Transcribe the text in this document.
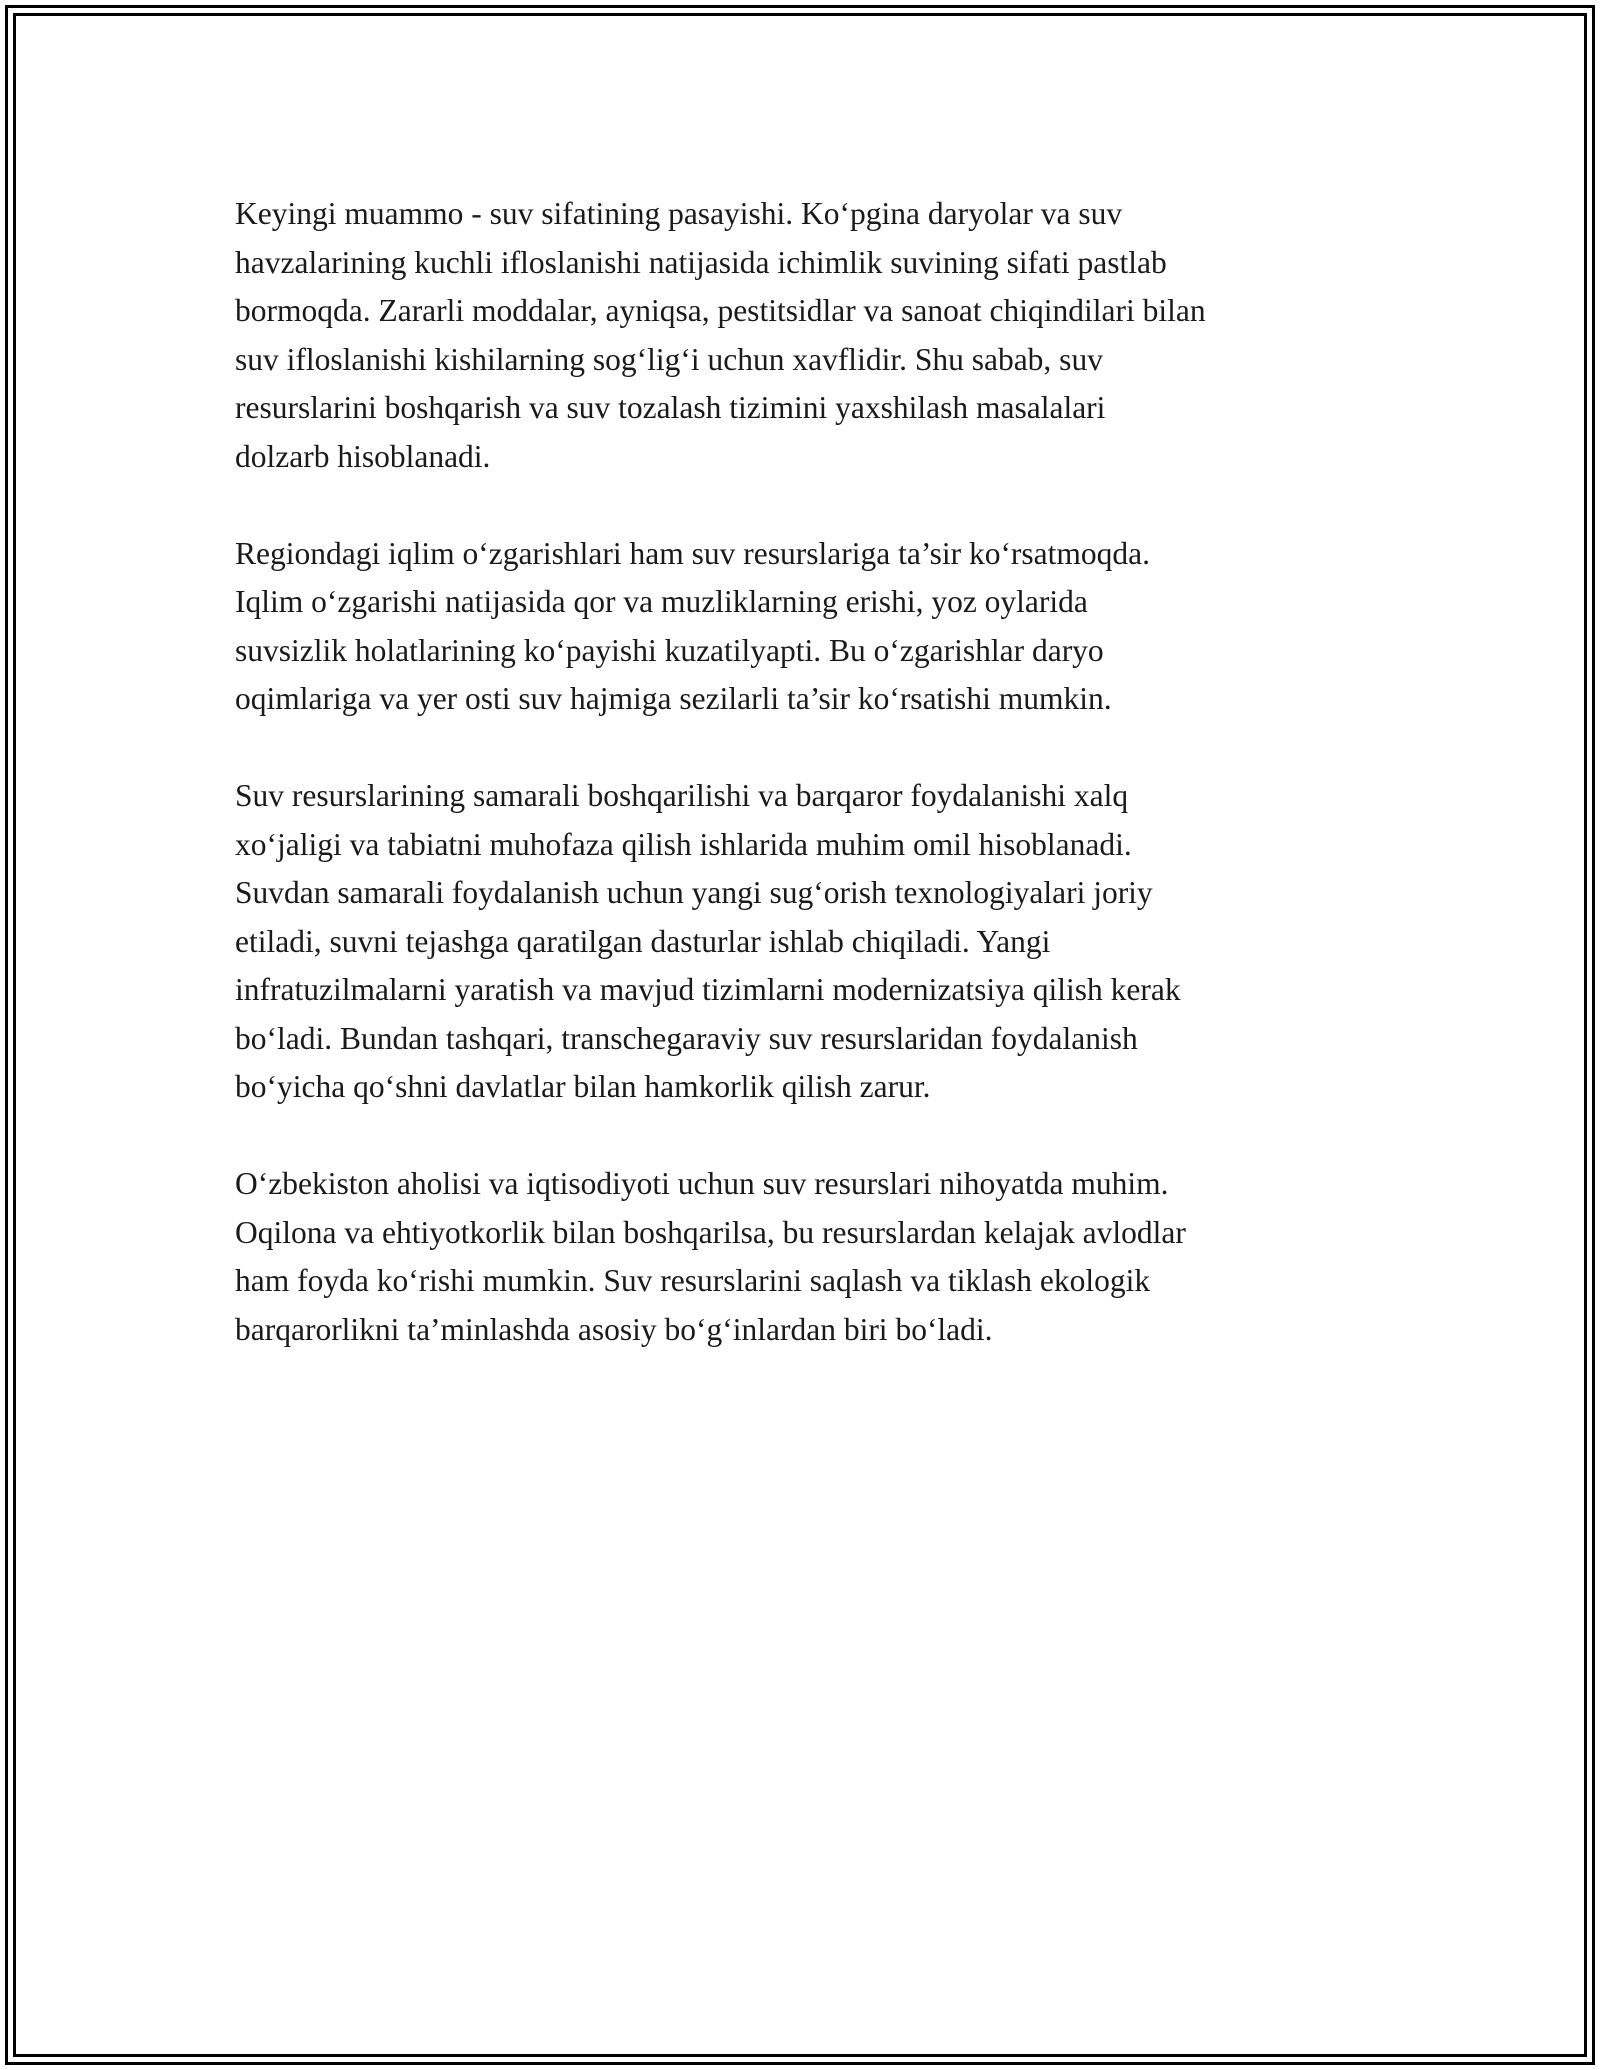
Keyingi muammo - suv sifatining pasayishi. Ko‘pgina daryolar va suv
havzalarining kuchli ifloslanishi natijasida ichimlik suvining sifati pastlab
bormoqda. Zararli moddalar, ayniqsa, pestitsidlar va sanoat chiqindilari bilan
suv ifloslanishi kishilarning sog‘lig‘i uchun xavflidir. Shu sabab, suv
resurslarini boshqarish va suv tozalash tizimini yaxshilash masalalari
dolzarb hisoblanadi.

Regiondagi iqlim o‘zgarishlari ham suv resurslariga ta’sir ko‘rsatmoqda.
Iqlim o‘zgarishi natijasida qor va muzliklarning erishi, yoz oylarida
suvsizlik holatlarining ko‘payishi kuzatilyapti. Bu o‘zgarishlar daryo
oqimlariga va yer osti suv hajmiga sezilarli ta’sir ko‘rsatishi mumkin.

Suv resurslarining samarali boshqarilishi va barqaror foydalanishi xalq
xo‘jaligi va tabiatni muhofaza qilish ishlarida muhim omil hisoblanadi.
Suvdan samarali foydalanish uchun yangi sug‘orish texnologiyalari joriy
etiladi, suvni tejashga qaratilgan dasturlar ishlab chiqiladi. Yangi
infratuzilmalarni yaratish va mavjud tizimlarni modernizatsiya qilish kerak
bo‘ladi. Bundan tashqari, transchegaraviy suv resurslaridan foydalanish
bo‘yicha qo‘shni davlatlar bilan hamkorlik qilish zarur.

O‘zbekiston aholisi va iqtisodiyoti uchun suv resurslari nihoyatda muhim.
Oqilona va ehtiyotkorlik bilan boshqarilsa, bu resurslardan kelajak avlodlar
ham foyda ko‘rishi mumkin. Suv resurslarini saqlash va tiklash ekologik
barqarorlikni ta’minlashda asosiy bo‘g‘inlardan biri bo‘ladi.
